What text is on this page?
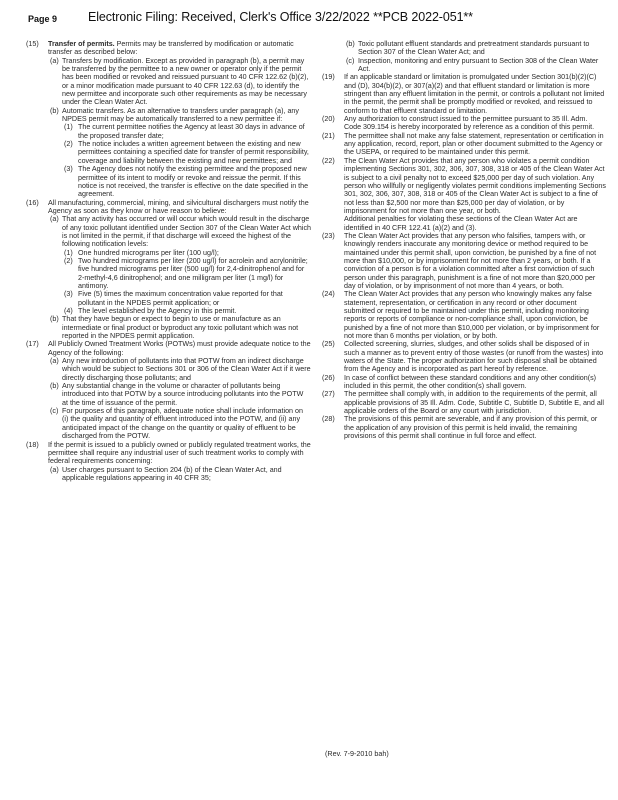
Page 9 Electronic Filing: Received, Clerk's Office 3/22/2022 **PCB 2022-051**
(15) Transfer of permits. Permits may be transferred by modification or automatic transfer as described below:
(a) Transfers by modification. Except as provided in paragraph (b), a permit may be transferred by the permittee to a new owner or operator only if the permit has been modified or revoked and reissued pursuant to 40 CFR 122.62 (b)(2), or a minor modification made pursuant to 40 CFR 122.63 (d), to identify the new permittee and incorporate such other requirements as may be necessary under the Clean Water Act.
(b) Automatic transfers. As an alternative to transfers under paragraph (a), any NPDES permit may be automatically transferred to a new permittee if:
(1) The current permittee notifies the Agency at least 30 days in advance of the proposed transfer date;
(2) The notice includes a written agreement between the existing and new permittees containing a specified date for transfer of permit responsibility, coverage and liability between the existing and new permittees; and
(3) The Agency does not notify the existing permittee and the proposed new permittee of its intent to modify or revoke and reissue the permit. If this notice is not received, the transfer is effective on the date specified in the agreement.
(16) All manufacturing, commercial, mining, and silvicultural dischargers must notify the Agency as soon as they know or have reason to believe:
(a) That any activity has occurred or will occur which would result in the discharge of any toxic pollutant identified under Section 307 of the Clean Water Act which is not limited in the permit, if that discharge will exceed the highest of the following notification levels:
(1) One hundred micrograms per liter (100 ug/l);
(2) Two hundred micrograms per liter (200 ug/l) for acrolein and acrylonitrile; five hundred micrograms per liter (500 ug/l) for 2,4-dinitrophenol and for 2-methyl-4,6 dinitrophenol; and one milligram per liter (1 mg/l) for antimony.
(3) Five (5) times the maximum concentration value reported for that pollutant in the NPDES permit application; or
(4) The level established by the Agency in this permit.
(b) That they have begun or expect to begin to use or manufacture as an intermediate or final product or byproduct any toxic pollutant which was not reported in the NPDES permit application.
(17) All Publicly Owned Treatment Works (POTWs) must provide adequate notice to the Agency of the following:
(a) Any new introduction of pollutants into that POTW from an indirect discharge which would be subject to Sections 301 or 306 of the Clean Water Act if it were directly discharging those pollutants; and
(b) Any substantial change in the volume or character of pollutants being introduced into that POTW by a source introducing pollutants into the POTW at the time of issuance of the permit.
(c) For purposes of this paragraph, adequate notice shall include information on (i) the quality and quantity of effluent introduced into the POTW, and (ii) any anticipated impact of the change on the quantity or quality of effluent to be discharged from the POTW.
(18) If the permit is issued to a publicly owned or publicly regulated treatment works, the permittee shall require any industrial user of such treatment works to comply with federal requirements concerning:
(a) User charges pursuant to Section 204 (b) of the Clean Water Act, and applicable regulations appearing in 40 CFR 35;
(b) Toxic pollutant effluent standards and pretreatment standards pursuant to Section 307 of the Clean Water Act; and
(c) Inspection, monitoring and entry pursuant to Section 308 of the Clean Water Act.
(19) If an applicable standard or limitation is promulgated under Section 301(b)(2)(C) and (D), 304(b)(2), or 307(a)(2) and that effluent standard or limitation is more stringent than any effluent limitation in the permit, or controls a pollutant not limited in the permit, the permit shall be promptly modified or revoked, and reissued to conform to that effluent standard or limitation.
(20) Any authorization to construct issued to the permittee pursuant to 35 Ill. Adm. Code 309.154 is hereby incorporated by reference as a condition of this permit.
(21) The permittee shall not make any false statement, representation or certification in any application, record, report, plan or other document submitted to the Agency or the USEPA, or required to be maintained under this permit.
(22) The Clean Water Act provides that any person who violates a permit condition implementing Sections 301, 302, 306, 307, 308, 318 or 405 of the Clean Water Act is subject to a civil penalty not to exceed $25,000 per day of such violation. Any person who willfully or negligently violates permit conditions implementing Sections 301, 302, 306, 307, 308, 318 or 405 of the Clean Water Act is subject to a fine of not less than $2,500 nor more than $25,000 per day of violation, or by imprisonment for not more than one year, or both.
Additional penalties for violating these sections of the Clean Water Act are identified in 40 CFR 122.41 (a)(2) and (3).
(23) The Clean Water Act provides that any person who falsifies, tampers with, or knowingly renders inaccurate any monitoring device or method required to be maintained under this permit shall, upon conviction, be punished by a fine of not more than $10,000, or by imprisonment for not more than 2 years, or both. If a conviction of a person is for a violation committed after a first conviction of such person under this paragraph, punishment is a fine of not more than $20,000 per day of violation, or by imprisonment of not more than 4 years, or both.
(24) The Clean Water Act provides that any person who knowingly makes any false statement, representation, or certification in any record or other document submitted or required to be maintained under this permit, including monitoring reports or reports of compliance or non-compliance shall, upon conviction, be punished by a fine of not more than $10,000 per violation, or by imprisonment for not more than 6 months per violation, or by both.
(25) Collected screening, slurries, sludges, and other solids shall be disposed of in such a manner as to prevent entry of those wastes (or runoff from the wastes) into waters of the State. The proper authorization for such disposal shall be obtained from the Agency and is incorporated as part hereof by reference.
(26) In case of conflict between these standard conditions and any other condition(s) included in this permit, the other condition(s) shall govern.
(27) The permittee shall comply with, in addition to the requirements of the permit, all applicable provisions of 35 Ill. Adm. Code, Subtitle C, Subtitle D, Subtitle E, and all applicable orders of the Board or any court with jurisdiction.
(28) The provisions of this permit are severable, and if any provision of this permit, or the application of any provision of this permit is held invalid, the remaining provisions of this permit shall continue in full force and effect.
(Rev. 7-9-2010 bah)
